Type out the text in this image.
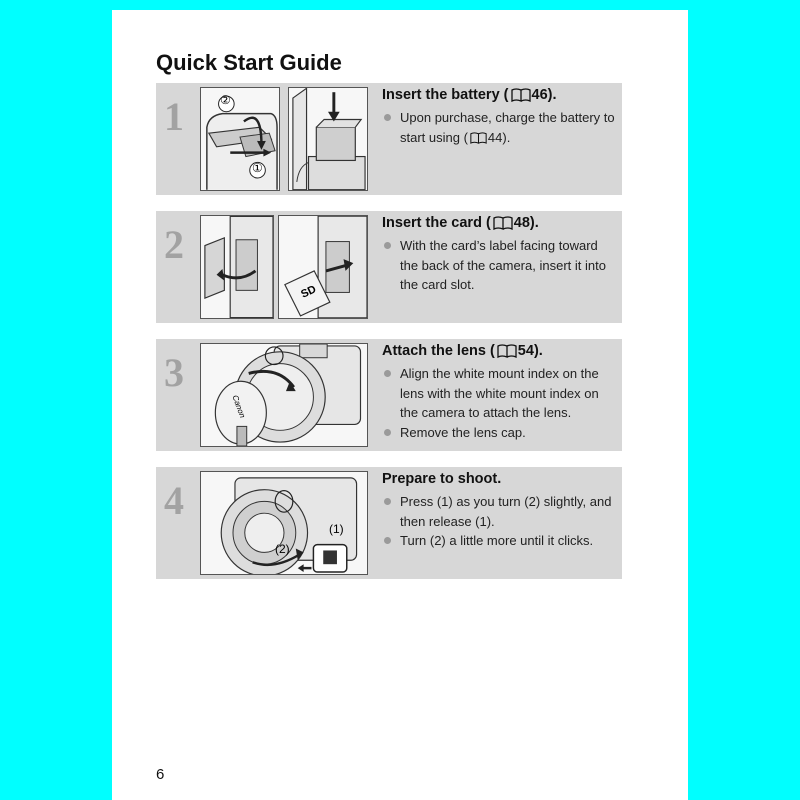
Quick Start Guide
1	②
①
Insert the battery ( 46 ).
Upon purchase, charge the battery to start using ( 44).
2
SD
Insert the card ( 48 ).
With the card’s label facing toward the back of the camera, insert it into the card slot.
3
Canon
Attach the lens ( 54 ).
Align the white mount index on the lens with the white mount index on the camera to attach the lens.
Remove the lens cap.
4
(1)
(2)
Prepare to shoot.
Press (1) as you turn (2) slightly, and then release (1).
Turn (2) a little more until it clicks.
6
